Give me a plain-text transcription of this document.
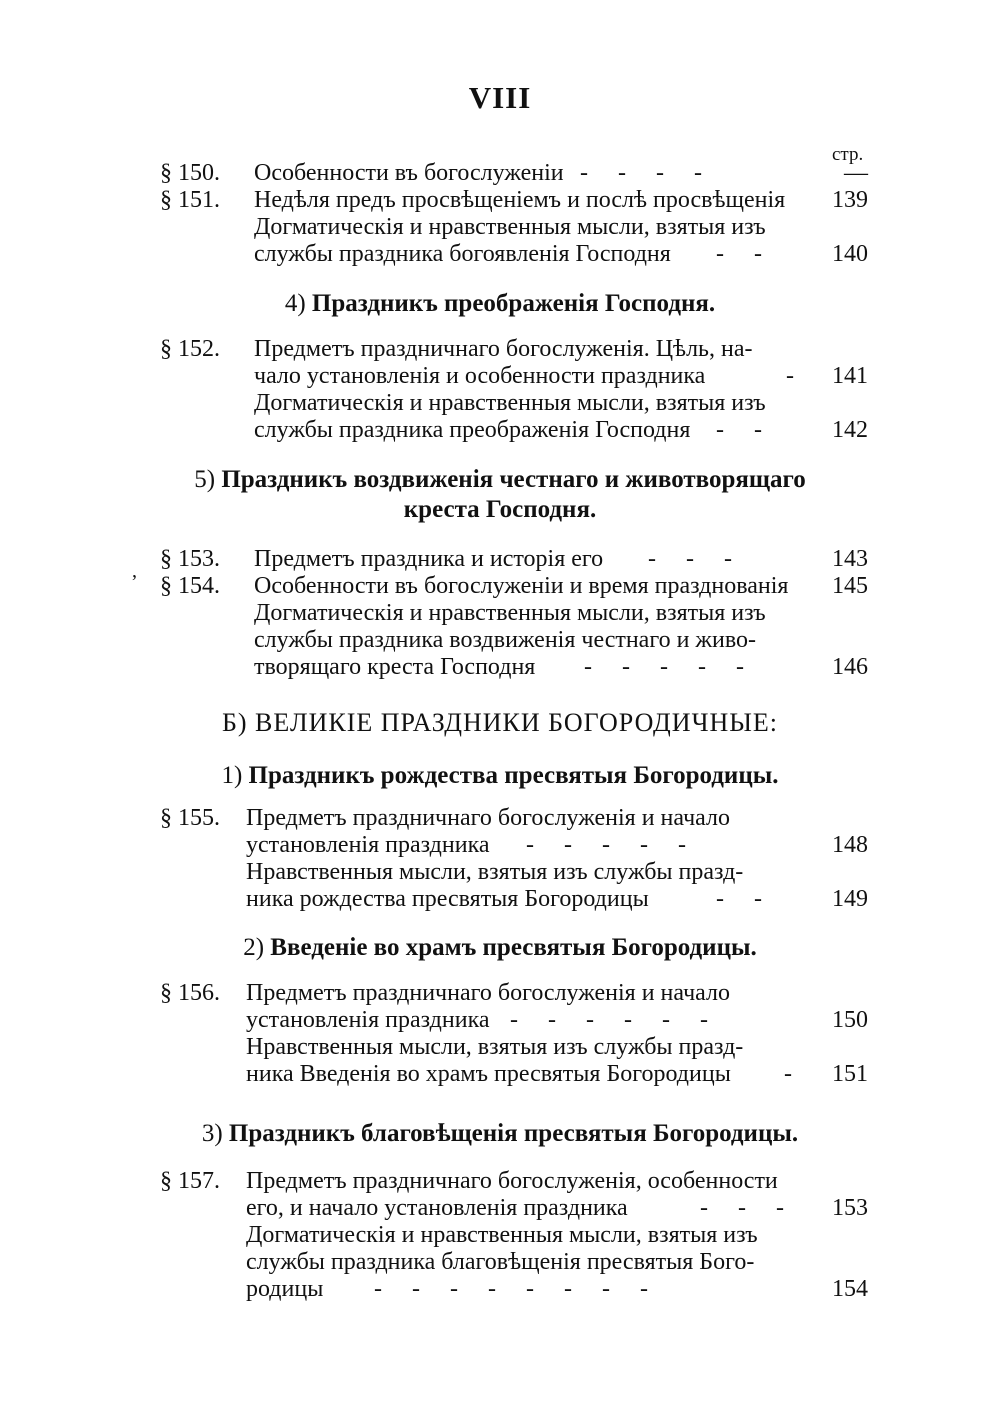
VIII
стр.
§ 150. Особенности въ богослуженіи -     -     -     -	—
§ 151. Недѣля предъ просвѣщеніемъ и послѣ просвѣщенія	139
Догматическія и нравственныя мысли, взятыя изъ
службы праздника богоявленія Господня -     -	140
4) Праздникъ преображенія Господня.
§ 152. Предметъ праздничнаго богослуженія. Цѣль, на-
чало установленія и особенности праздника	-	141
Догматическія и нравственныя мысли, взятыя изъ
службы праздника преображенія Господня -     -	142
5) Праздникъ воздвиженія честнаго и животворящаго
креста Господня.
, § 153. Предметъ праздника и исторія его -     -     -	143
§ 154. Особенности въ богослуженіи и время празднованія	145
Догматическія и нравственныя мысли, взятыя изъ
службы праздника воздвиженія честнаго и живо-
творящаго креста Господня -     -     -     -     -	146
Б) ВЕЛИКІЕ ПРАЗДНИКИ БОГОРОДИЧНЫЕ:
1) Праздникъ рождества пресвятыя Богородицы.
§ 155. Предметъ праздничнаго богослуженія и начало
установленія праздника -     -     -     -     -	148
Нравственныя мысли, взятыя изъ службы празд-
ника рождества пресвятыя Богородицы	-     -	149
2) Введеніе во храмъ пресвятыя Богородицы.
§ 156. Предметъ праздничнаго богослуженія и начало
установленія праздника -     -     -     -     -     -	150
Нравственныя мысли, взятыя изъ службы празд-
ника Введенія во храмъ пресвятыя Богородицы -	151
3) Праздникъ благовѣщенія пресвятыя Богородицы.
§ 157. Предметъ праздничнаго богослуженія, особенности
его, и начало установленія праздника	-     -     -	153
Догматическія и нравственныя мысли, взятыя изъ
службы праздника благовѣщенія пресвятыя Бого-
родицы -     -     -     -     -     -     -     -	154
